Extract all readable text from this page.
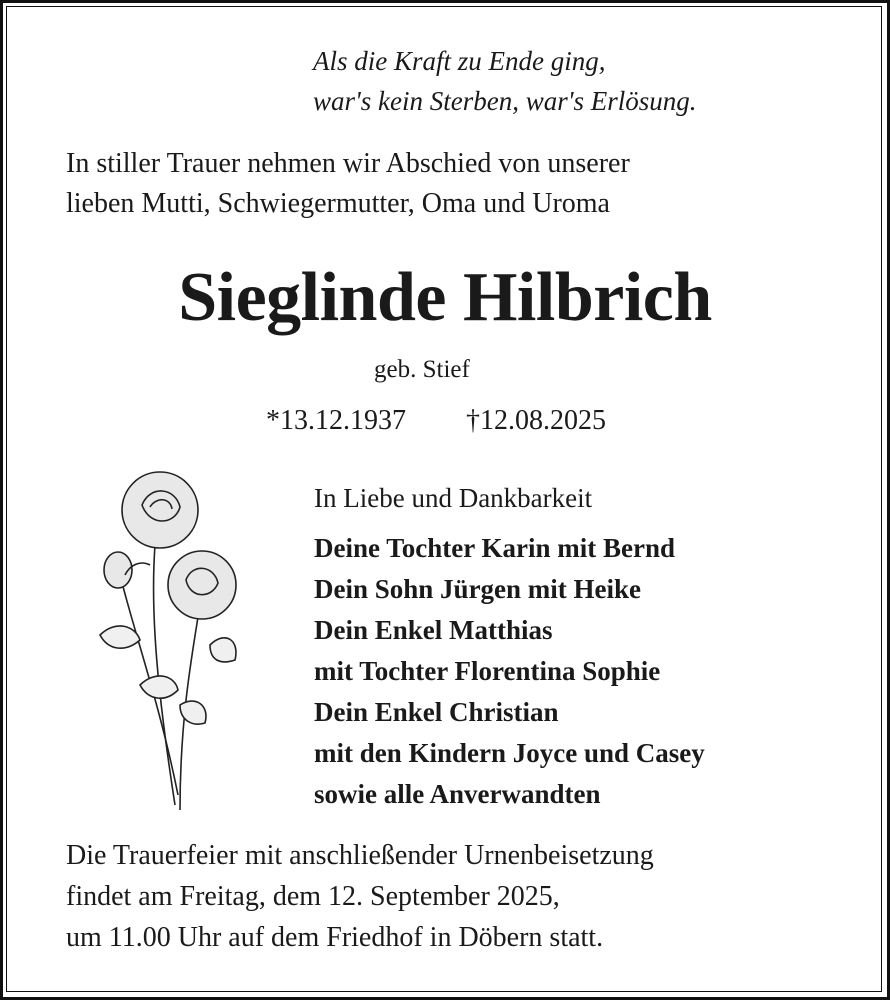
Als die Kraft zu Ende ging,
war's kein Sterben, war's Erlösung.
In stiller Trauer nehmen wir Abschied von unserer
lieben Mutti, Schwiegermutter, Oma und Uroma
Sieglinde Hilbrich
geb. Stief
*13.12.1937 †12.08.2025
In Liebe und Dankbarkeit
Deine Tochter Karin mit Bernd
Dein Sohn Jürgen mit Heike
Dein Enkel Matthias
mit Tochter Florentina Sophie
Dein Enkel Christian
mit den Kindern Joyce und Casey
sowie alle Anverwandten
Die Trauerfeier mit anschließender Urnenbeisetzung
findet am Freitag, dem 12. September 2025,
um 11.00 Uhr auf dem Friedhof in Döbern statt.
